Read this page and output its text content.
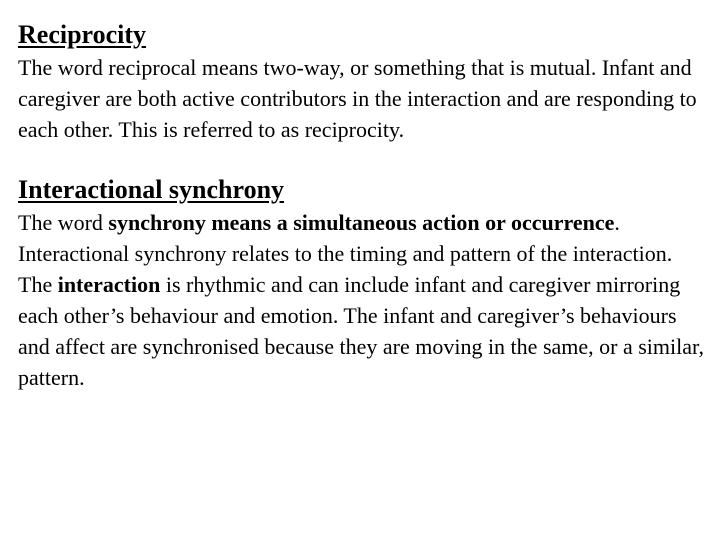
Reciprocity

The word reciprocal means two-way, or something that is mutual. Infant and caregiver are both active contributors in the interaction and are responding to each other. This is referred to as reciprocity.

Interactional synchrony

The word synchrony means a simultaneous action or occurrence. Interactional synchrony relates to the timing and pattern of the interaction. The interaction is rhythmic and can include infant and caregiver mirroring each other’s behaviour and emotion. The infant and caregiver’s behaviours and affect are synchronised because they are moving in the same, or a similar, pattern.
